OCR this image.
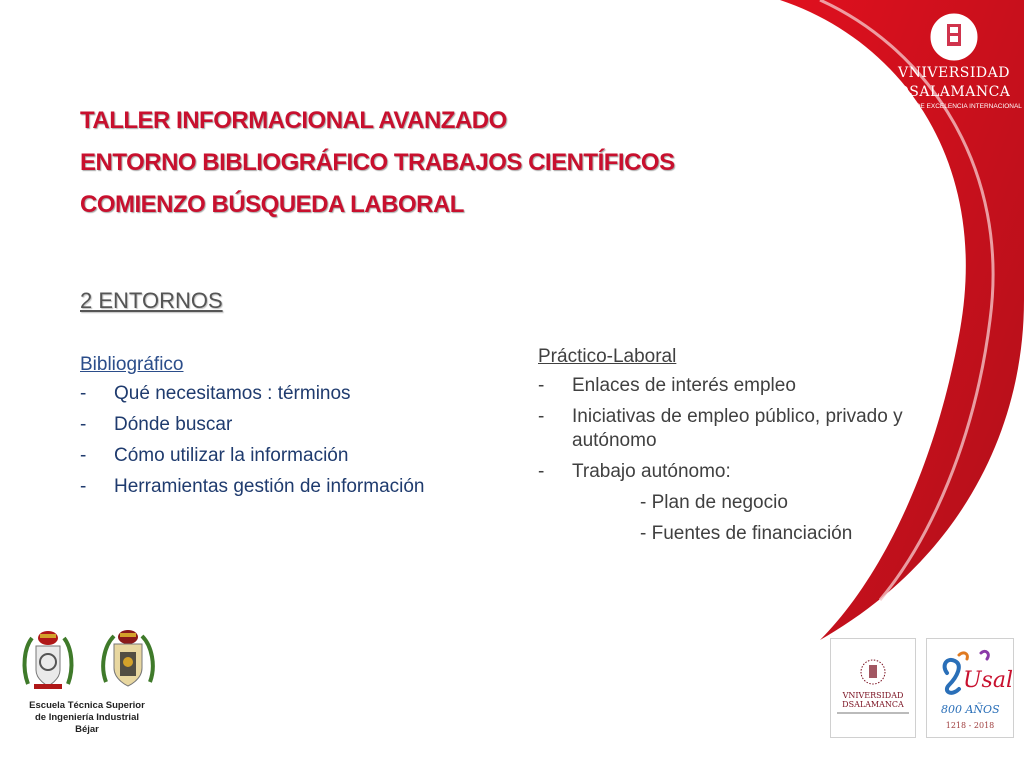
VNIVERSIDAD
DSALAMANCA
CAMPUS DE EXCELENCIA INTERNACIONAL
TALLER INFORMACIONAL AVANZADO
ENTORNO BIBLIOGRÁFICO TRABAJOS CIENTÍFICOS
COMIENZO BÚSQUEDA LABORAL
2 ENTORNOS
Bibliográfico
-	Qué necesitamos : términos
-	Dónde buscar
-	Cómo utilizar la información
-	Herramientas gestión de información
Práctico-Laboral
-	Enlaces de interés empleo
-	Iniciativas de empleo público, privado y autónomo
-	Trabajo autónomo:
- Plan de negocio
- Fuentes de financiación
Escuela Técnica Superior
de Ingeniería Industrial
Béjar
VNIVERSIDAD
DSALAMANCA
Usal
800 AÑOS
1218 - 2018
